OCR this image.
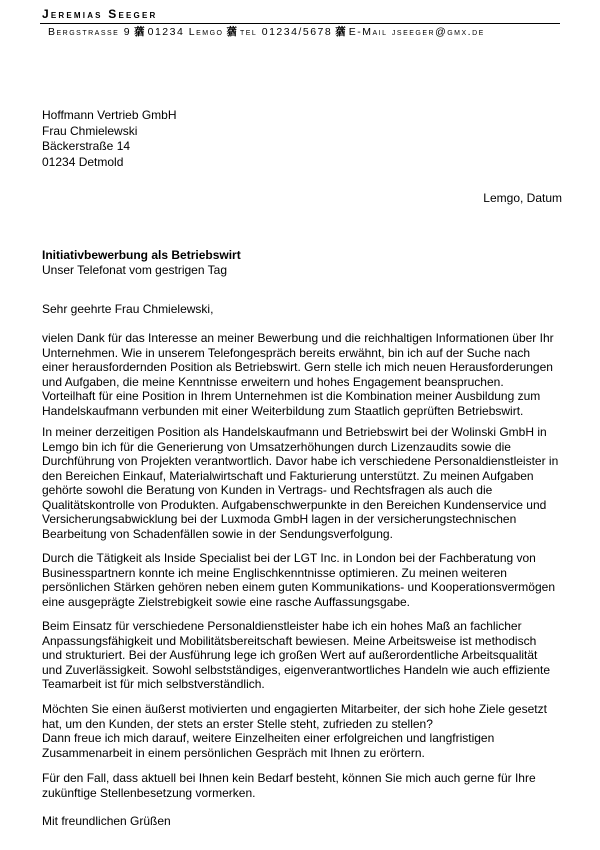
Jeremias Seeger
Bergstrasse 9 蕕 01234 Lemgo 蕕 tel 01234/5678 蕕 E-Mail jseeger@gmx.de
Hoffmann Vertrieb GmbH
Frau Chmielewski
Bäckerstraße 14
01234 Detmold
Lemgo, Datum
Initiativbewerbung als Betriebswirt
Unser Telefonat vom gestrigen Tag
Sehr geehrte Frau Chmielewski,
vielen Dank für das Interesse an meiner Bewerbung und die reichhaltigen Informationen über Ihr
Unternehmen. Wie in unserem Telefongespräch bereits erwähnt, bin ich auf der Suche nach
einer herausfordernden Position als Betriebswirt. Gern stelle ich mich neuen Herausforderungen
und Aufgaben, die meine Kenntnisse erweitern und hohes Engagement beanspruchen.
Vorteilhaft für eine Position in Ihrem Unternehmen ist die Kombination meiner Ausbildung zum
Handelskaufmann verbunden mit einer Weiterbildung zum Staatlich geprüften Betriebswirt.
In meiner derzeitigen Position als Handelskaufmann und Betriebswirt bei der Wolinski GmbH in
Lemgo bin ich für die Generierung von Umsatzerhöhungen durch Lizenzaudits sowie die
Durchführung von Projekten verantwortlich. Davor habe ich verschiedene Personaldienstleister in
den Bereichen Einkauf, Materialwirtschaft und Fakturierung unterstützt. Zu meinen Aufgaben
gehörte sowohl die Beratung von Kunden in Vertrags- und Rechtsfragen als auch die
Qualitätskontrolle von Produkten. Aufgabenschwerpunkte in den Bereichen Kundenservice und
Versicherungsabwicklung bei der Luxmoda GmbH lagen in der versicherungstechnischen
Bearbeitung von Schadenfällen sowie in der Sendungsverfolgung.
Durch die Tätigkeit als Inside Specialist bei der LGT Inc. in London bei der Fachberatung von
Businesspartnern konnte ich meine Englischkenntnisse optimieren. Zu meinen weiteren
persönlichen Stärken gehören neben einem guten Kommunikations- und Kooperationsvermögen
eine ausgeprägte Zielstrebigkeit sowie eine rasche Auffassungsgabe.
Beim Einsatz für verschiedene Personaldienstleister habe ich ein hohes Maß an fachlicher
Anpassungsfähigkeit und Mobilitätsbereitschaft bewiesen. Meine Arbeitsweise ist methodisch
und strukturiert. Bei der Ausführung lege ich großen Wert auf außerordentliche Arbeitsqualität
und Zuverlässigkeit. Sowohl selbstständiges, eigenverantwortliches Handeln wie auch effiziente
Teamarbeit ist für mich selbstverständlich.
Möchten Sie einen äußerst motivierten und engagierten Mitarbeiter, der sich hohe Ziele gesetzt
hat, um den Kunden, der stets an erster Stelle steht, zufrieden zu stellen?
Dann freue ich mich darauf, weitere Einzelheiten einer erfolgreichen und langfristigen
Zusammenarbeit in einem persönlichen Gespräch mit Ihnen zu erörtern.
Für den Fall, dass aktuell bei Ihnen kein Bedarf besteht, können Sie mich auch gerne für Ihre
zukünftige Stellenbesetzung vormerken.
Mit freundlichen Grüßen
